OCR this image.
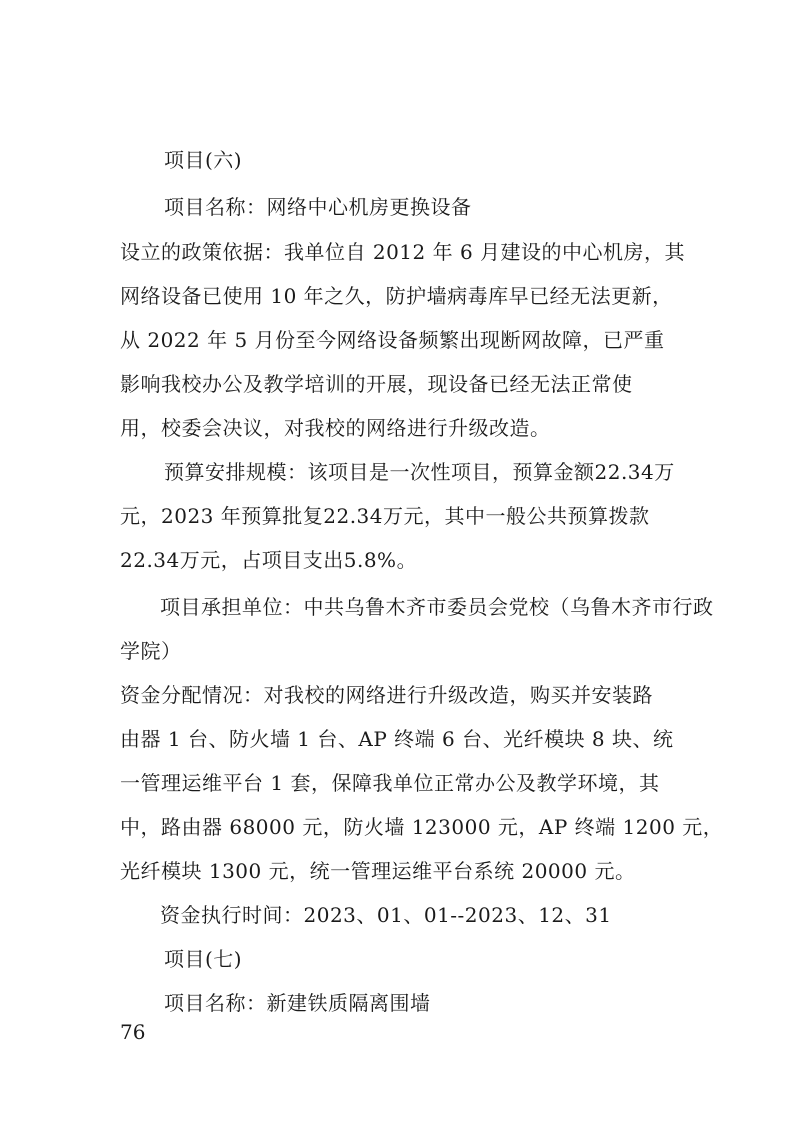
项目(六)
项目名称：网络中心机房更换设备
设立的政策依据：我单位自 2012 年 6 月建设的中心机房，其
网络设备已使用 10 年之久，防护墙病毒库早已经无法更新，
从 2022 年 5 月份至今网络设备频繁出现断网故障，已严重
影响我校办公及教学培训的开展，现设备已经无法正常使
用，校委会决议，对我校的网络进行升级改造。
预算安排规模：该项目是一次性项目，预算金额22.34万
元，2023 年预算批复22.34万元，其中一般公共预算拨款
22.34万元，占项目支出5.8%。
项目承担单位：中共乌鲁木齐市委员会党校（乌鲁木齐市行政
学院）
资金分配情况：对我校的网络进行升级改造，购买并安装路
由器 1 台、防火墙 1 台、AP 终端 6 台、光纤模块 8 块、统
一管理运维平台 1 套，保障我单位正常办公及教学环境，其
中，路由器 68000 元，防火墙 123000 元，AP 终端 1200 元，
光纤模块 1300 元，统一管理运维平台系统 20000 元。
资金执行时间：2023、01、01--2023、12、31
项目(七)
项目名称：新建铁质隔离围墙
76
